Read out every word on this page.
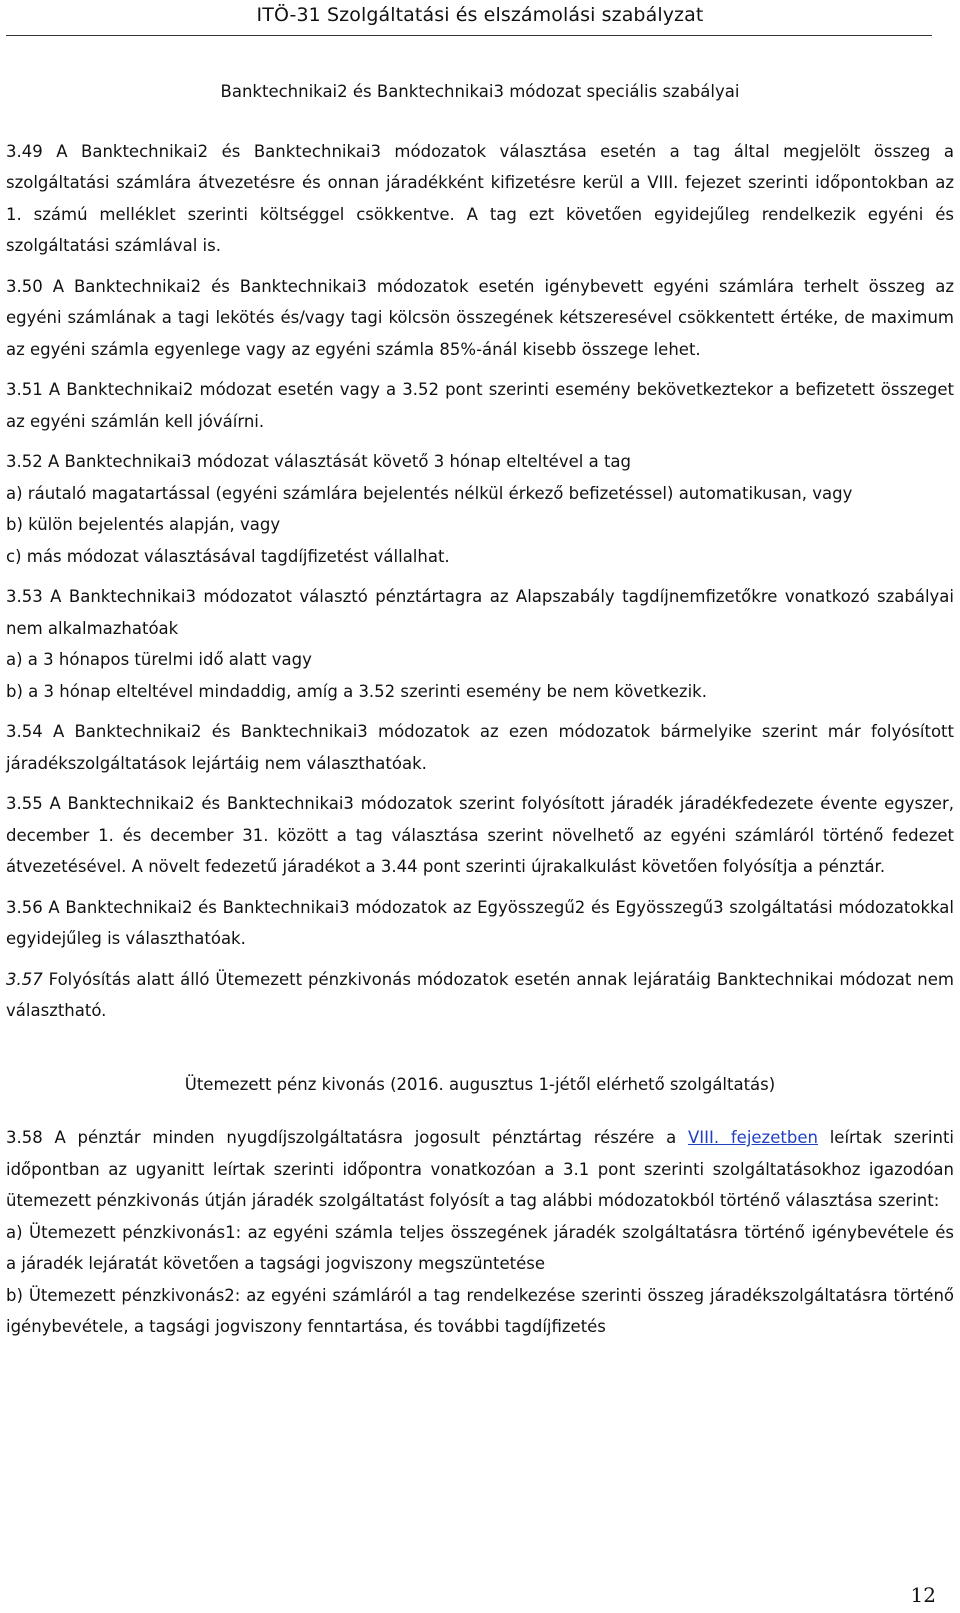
ITÖ-31 Szolgáltatási és elszámolási szabályzat

Banktechnikai2 és Banktechnikai3 módozat speciális szabályai

3.49 A Banktechnikai2 és Banktechnikai3 módozatok választása esetén a tag által megjelölt összeg a szolgáltatási számlára átvezetésre és onnan járadékként kifizetésre kerül a VIII. fejezet szerinti időpontokban az 1. számú melléklet szerinti költséggel csökkentve. A tag ezt követően egyidejűleg rendelkezik egyéni és szolgáltatási számlával is.

3.50 A Banktechnikai2 és Banktechnikai3 módozatok esetén igénybevett egyéni számlára terhelt összeg az egyéni számlának a tagi lekötés és/vagy tagi kölcsön összegének kétszeresével csökkentett értéke, de maximum az egyéni számla egyenlege vagy az egyéni számla 85%-ánál kisebb összege lehet.

3.51 A Banktechnikai2 módozat esetén vagy a 3.52 pont szerinti esemény bekövetkeztekor a befizetett összeget az egyéni számlán kell jóváírni.

3.52 A Banktechnikai3 módozat választását követő 3 hónap elteltével a tag

a) ráutaló magatartással (egyéni számlára bejelentés nélkül érkező befizetéssel) automatikusan, vagy

b) külön bejelentés alapján, vagy

c) más módozat választásával tagdíjfizetést vállalhat.

3.53 A Banktechnikai3 módozatot választó pénztártagra az Alapszabály tagdíjnemfizetőkre vonatkozó szabályai nem alkalmazhatóak

a) a 3 hónapos türelmi idő alatt vagy

b) a 3 hónap elteltével mindaddig, amíg a 3.52 szerinti esemény be nem következik.

3.54 A Banktechnikai2 és Banktechnikai3 módozatok az ezen módozatok bármelyike szerint már folyósított járadékszolgáltatások lejártáig nem választhatóak.

3.55 A Banktechnikai2 és Banktechnikai3 módozatok szerint folyósított járadék járadékfedezete évente egyszer, december 1. és december 31. között a tag választása szerint növelhető az egyéni számláról történő fedezet átvezetésével. A növelt fedezetű járadékot a 3.44 pont szerinti újrakalkulást követően folyósítja a pénztár.

3.56 A Banktechnikai2 és Banktechnikai3 módozatok az Egyösszegű2 és Egyösszegű3 szolgáltatási módozatokkal egyidejűleg is választhatóak.

3.57 Folyósítás alatt álló Ütemezett pénzkivonás módozatok esetén annak lejáratáig Banktechnikai módozat nem választható.

Ütemezett pénz kivonás (2016. augusztus 1-jétől elérhető szolgáltatás)

3.58 A pénztár minden nyugdíjszolgáltatásra jogosult pénztártag részére a VIII. fejezetben leírtak szerinti időpontban az ugyanitt leírtak szerinti időpontra vonatkozóan a 3.1 pont szerinti szolgáltatásokhoz igazodóan ütemezett pénzkivonás útján járadék szolgáltatást folyósít a tag alábbi módozatokból történő választása szerint:

a) Ütemezett pénzkivonás1: az egyéni számla teljes összegének járadék szolgáltatásra történő igénybevétele és a járadék lejáratát követően a tagsági jogviszony megszüntetése

b) Ütemezett pénzkivonás2: az egyéni számláról a tag rendelkezése szerinti összeg járadékszolgáltatásra történő igénybevétele, a tagsági jogviszony fenntartása, és további tagdíjfizetés

12
